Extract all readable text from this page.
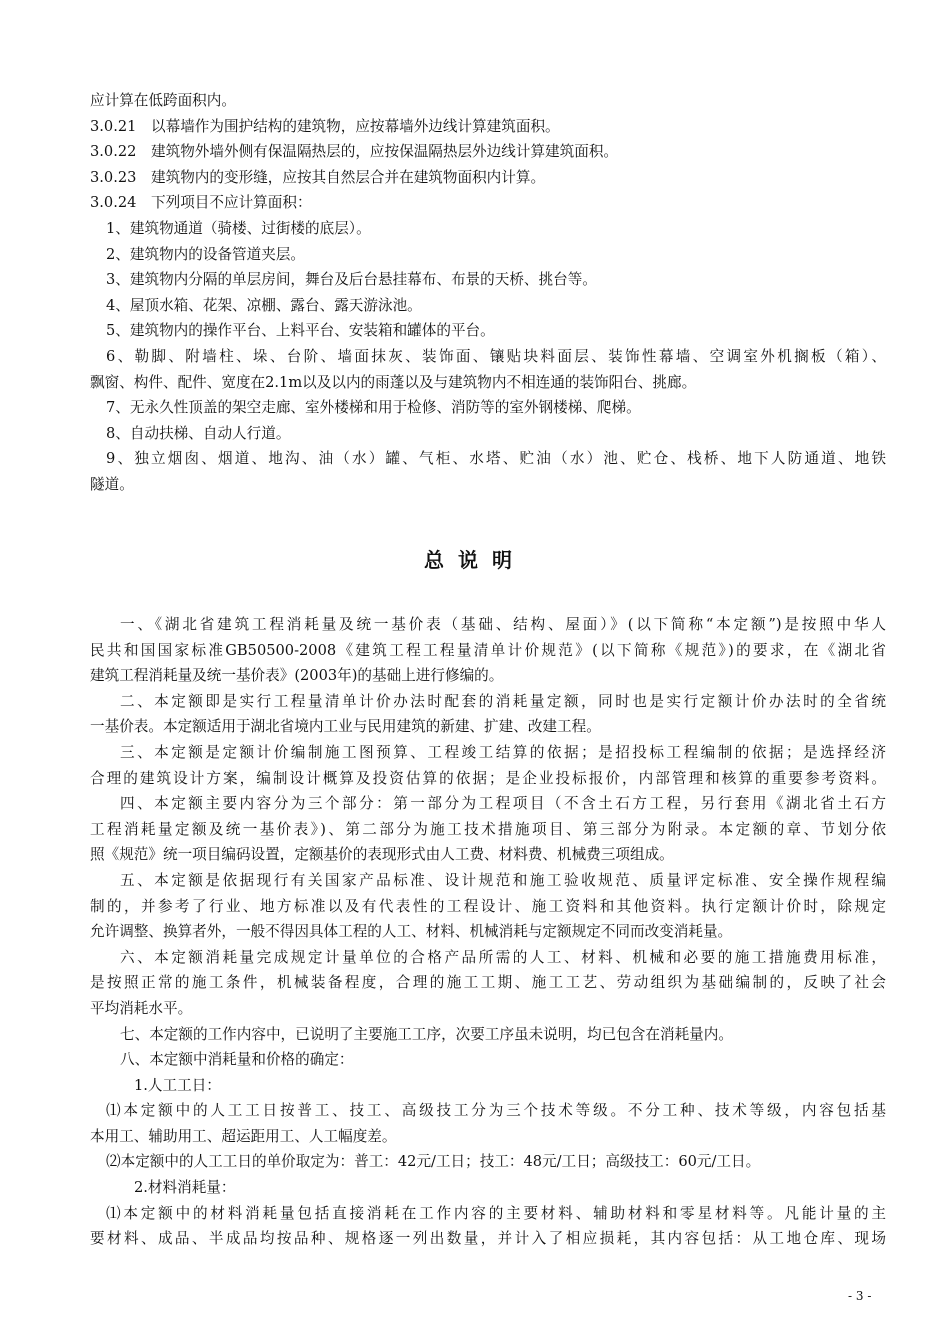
应计算在低跨面积内。

3.0.21　以幕墙作为围护结构的建筑物，应按幕墙外边线计算建筑面积。

3.0.22　建筑物外墙外侧有保温隔热层的，应按保温隔热层外边线计算建筑面积。

3.0.23　建筑物内的变形缝，应按其自然层合并在建筑物面积内计算。

3.0.24　下列项目不应计算面积：

1、建筑物通道（骑楼、过街楼的底层）。

2、建筑物内的设备管道夹层。

3、建筑物内分隔的单层房间，舞台及后台悬挂幕布、布景的天桥、挑台等。

4、屋顶水箱、花架、凉棚、露台、露天游泳池。

5、建筑物内的操作平台、上料平台、安装箱和罐体的平台。

6、勒脚、附墙柱、垛、台阶、墙面抹灰、装饰面、镶贴块料面层、装饰性幕墙、空调室外机搁板（箱）、

飘窗、构件、配件、宽度在2.1m以及以内的雨蓬以及与建筑物内不相连通的装饰阳台、挑廊。

7、无永久性顶盖的架空走廊、室外楼梯和用于检修、消防等的室外钢楼梯、爬梯。

8、自动扶梯、自动人行道。

9、独立烟囱、烟道、地沟、油（水）罐、气柜、水塔、贮油（水）池、贮仓、栈桥、地下人防通道、地铁

隧道。

总说明

一、《湖北省建筑工程消耗量及统一基价表（基础、结构、屋面）》(以下简称“本定额”)是按照中华人

民共和国国家标准GB50500-2008《建筑工程工程量清单计价规范》(以下简称《规范》)的要求，在《湖北省

建筑工程消耗量及统一基价表》(2003年)的基础上进行修编的。

二、本定额即是实行工程量清单计价办法时配套的消耗量定额，同时也是实行定额计价办法时的全省统

一基价表。本定额适用于湖北省境内工业与民用建筑的新建、扩建、改建工程。

三、本定额是定额计价编制施工图预算、工程竣工结算的依据；是招投标工程编制的依据；是选择经济

合理的建筑设计方案，编制设计概算及投资估算的依据；是企业投标报价，内部管理和核算的重要参考资料。

四、本定额主要内容分为三个部分：第一部分为工程项目（不含土石方工程，另行套用《湖北省土石方

工程消耗量定额及统一基价表》)、第二部分为施工技术措施项目、第三部分为附录。本定额的章、节划分依

照《规范》统一项目编码设置，定额基价的表现形式由人工费、材料费、机械费三项组成。

五、本定额是依据现行有关国家产品标准、设计规范和施工验收规范、质量评定标准、安全操作规程编

制的，并参考了行业、地方标准以及有代表性的工程设计、施工资料和其他资料。执行定额计价时，除规定

允许调整、换算者外，一般不得因具体工程的人工、材料、机械消耗与定额规定不同而改变消耗量。

六、本定额消耗量完成规定计量单位的合格产品所需的人工、材料、机械和必要的施工措施费用标准，

是按照正常的施工条件，机械装备程度，合理的施工工期、施工工艺、劳动组织为基础编制的，反映了社会

平均消耗水平。

七、本定额的工作内容中，已说明了主要施工工序，次要工序虽未说明，均已包含在消耗量内。

八、本定额中消耗量和价格的确定：

1.人工工日：

⑴本定额中的人工工日按普工、技工、高级技工分为三个技术等级。不分工种、技术等级，内容包括基

本用工、辅助用工、超运距用工、人工幅度差。

⑵本定额中的人工工日的单价取定为：普工：42元/工日；技工：48元/工日；高级技工：60元/工日。

2.材料消耗量：

⑴本定额中的材料消耗量包括直接消耗在工作内容的主要材料、辅助材料和零星材料等。凡能计量的主

要材料、成品、半成品均按品种、规格逐一列出数量，并计入了相应损耗，其内容包括：从工地仓库、现场

- 3 -
